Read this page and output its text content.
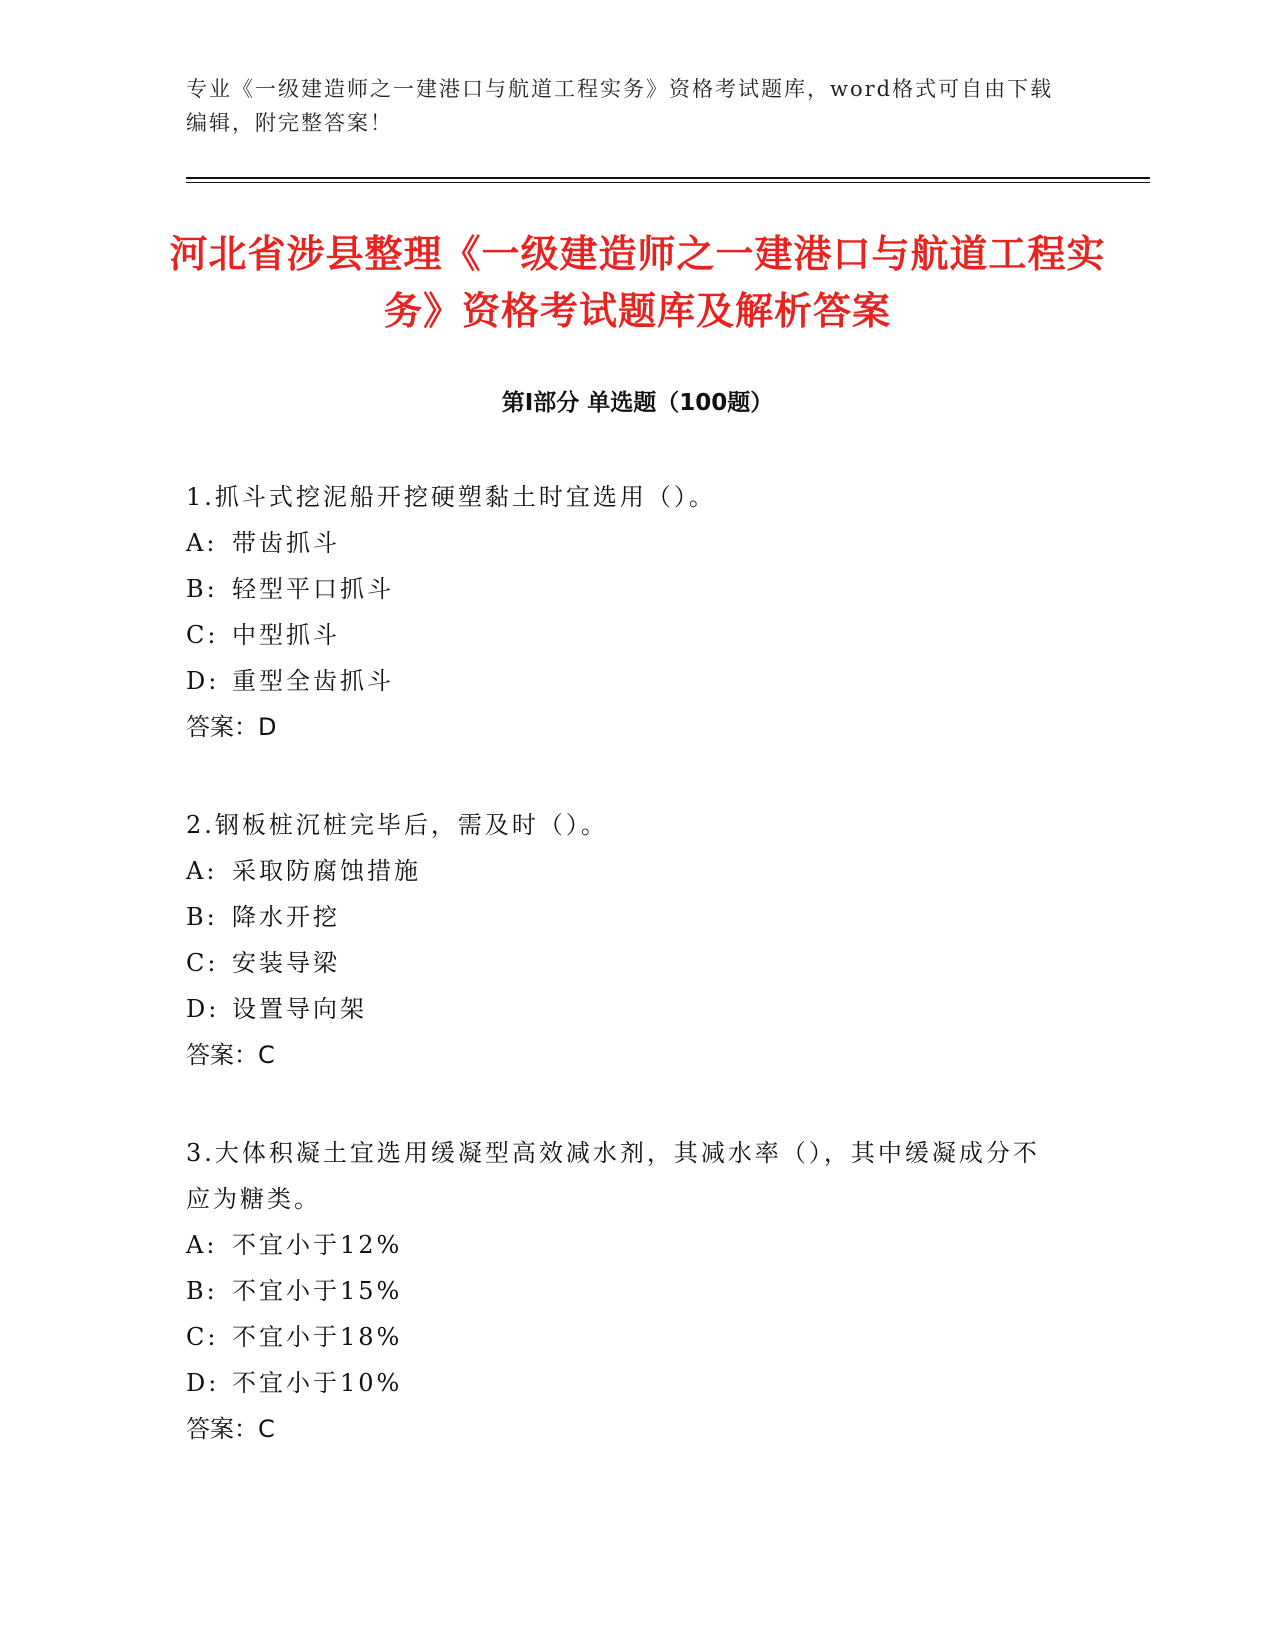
专业《一级建造师之一建港口与航道工程实务》资格考试题库，word格式可自由下载编辑，附完整答案！
河北省涉县整理《一级建造师之一建港口与航道工程实务》资格考试题库及解析答案
第Ⅰ部分 单选题（100题）
1.抓斗式挖泥船开挖硬塑黏土时宜选用（）。
A: 带齿抓斗
B: 轻型平口抓斗
C: 中型抓斗
D: 重型全齿抓斗
答案：D
2.钢板桩沉桩完毕后，需及时（）。
A: 采取防腐蚀措施
B: 降水开挖
C: 安装导梁
D: 设置导向架
答案：C
3.大体积凝土宜选用缓凝型高效减水剂，其减水率（），其中缓凝成分不应为糖类。
A: 不宜小于12%
B: 不宜小于15%
C: 不宜小于18%
D: 不宜小于10%
答案：C
